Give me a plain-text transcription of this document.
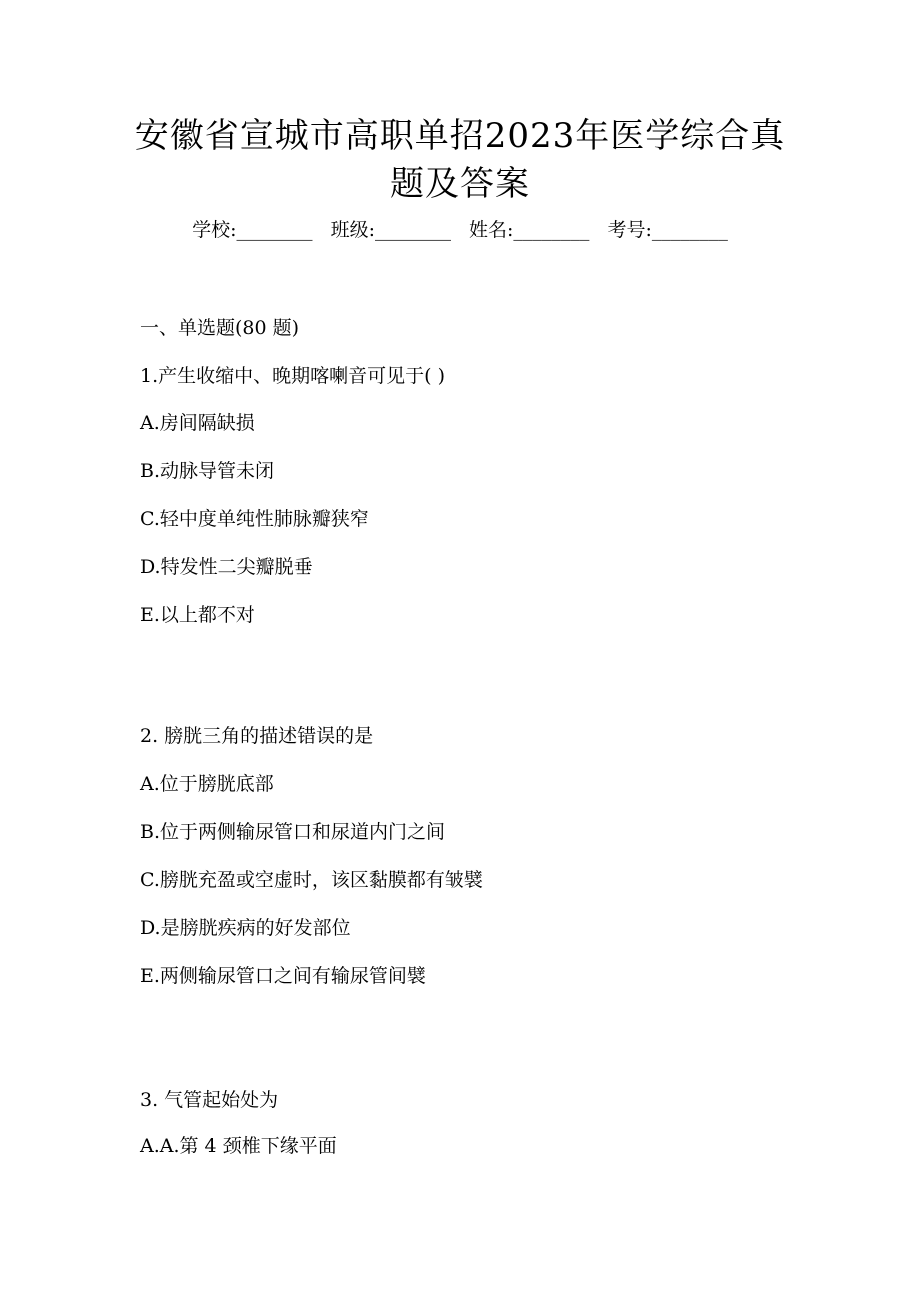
安徽省宣城市高职单招2023年医学综合真
题及答案
学校:________ 班级:________ 姓名:________ 考号:________
一、单选题(80 题)
1.产生收缩中、晚期喀喇音可见于( )
A.房间隔缺损
B.动脉导管未闭
C.轻中度单纯性肺脉瓣狭窄
D.特发性二尖瓣脱垂
E.以上都不对
2. 膀胱三角的描述错误的是
A.位于膀胱底部
B.位于两侧输尿管口和尿道内门之间
C.膀胱充盈或空虚时，该区黏膜都有皱襞
D.是膀胱疾病的好发部位
E.两侧输尿管口之间有输尿管间襞
3. 气管起始处为
A.A.第 4 颈椎下缘平面
